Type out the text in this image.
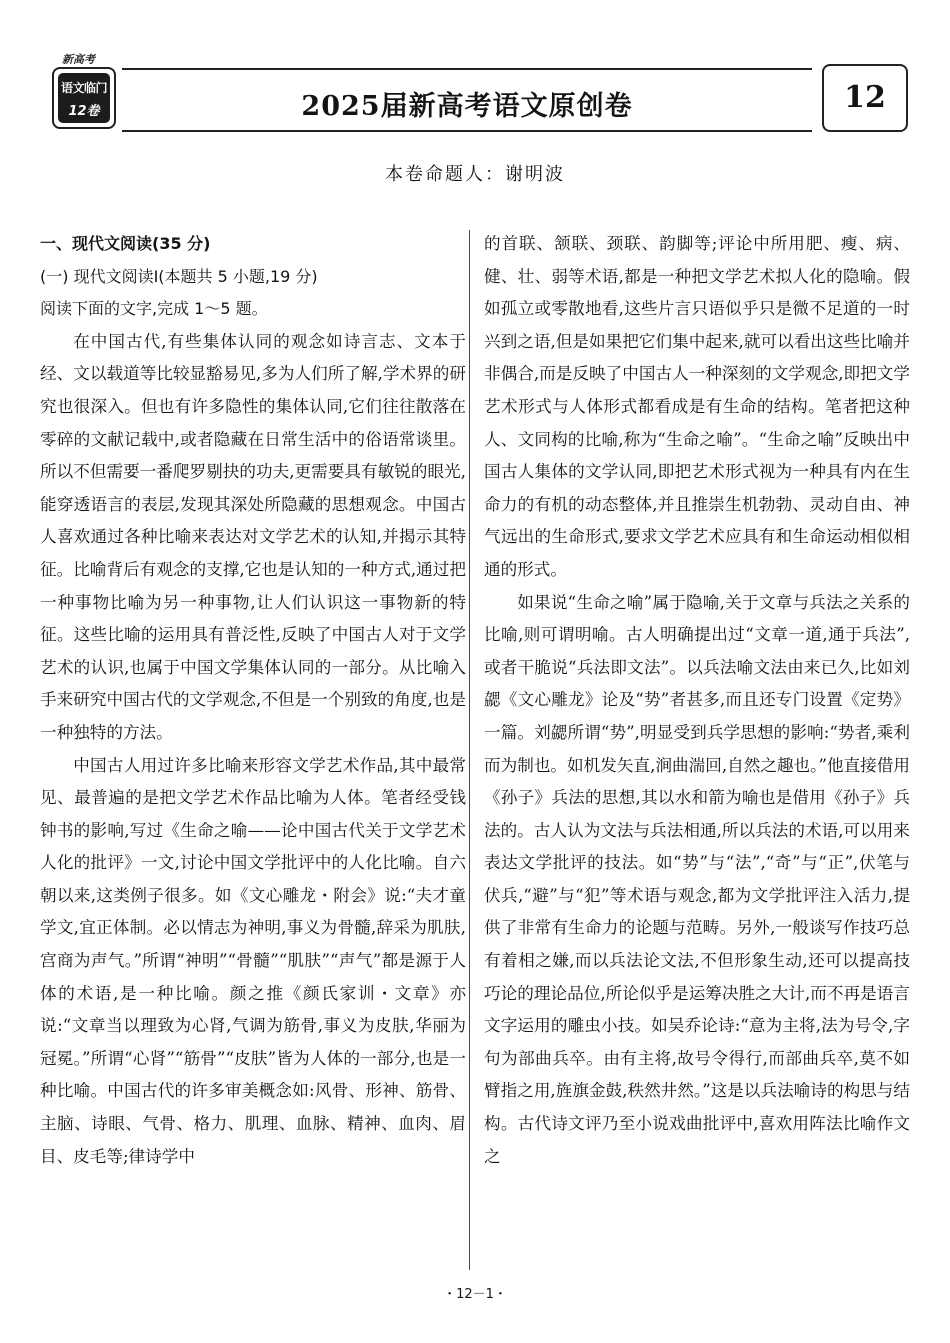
语文临门
12卷
新高考
2025届新高考语文原创卷	12
本卷命题人：谢明波

一、现代文阅读(35 分)

(一) 现代文阅读Ⅰ(本题共 5 小题,19 分)

阅读下面的文字,完成 1～5 题。

在中国古代,有些集体认同的观念如诗言志、文本于经、文以载道等比较显豁易见,多为人们所了解,学术界的研究也很深入。但也有许多隐性的集体认同,它们往往散落在零碎的文献记载中,或者隐藏在日常生活中的俗语常谈里。所以不但需要一番爬罗剔抉的功夫,更需要具有敏锐的眼光,能穿透语言的表层,发现其深处所隐藏的思想观念。中国古人喜欢通过各种比喻来表达对文学艺术的认知,并揭示其特征。比喻背后有观念的支撑,它也是认知的一种方式,通过把一种事物比喻为另一种事物,让人们认识这一事物新的特征。这些比喻的运用具有普泛性,反映了中国古人对于文学艺术的认识,也属于中国文学集体认同的一部分。从比喻入手来研究中国古代的文学观念,不但是一个别致的角度,也是一种独特的方法。

中国古人用过许多比喻来形容文学艺术作品,其中最常见、最普遍的是把文学艺术作品比喻为人体。笔者经受钱钟书的影响,写过《生命之喻——论中国古代关于文学艺术人化的批评》一文,讨论中国文学批评中的人化比喻。自六朝以来,这类例子很多。如《文心雕龙・附会》说:“夫才童学文,宜正体制。必以情志为神明,事义为骨髓,辞采为肌肤,宫商为声气。”所谓“神明”“骨髓”“肌肤”“声气”都是源于人体的术语,是一种比喻。颜之推《颜氏家训・文章》亦说:“文章当以理致为心肾,气调为筋骨,事义为皮肤,华丽为冠冕。”所谓“心肾”“筋骨”“皮肤”皆为人体的一部分,也是一种比喻。中国古代的许多审美概念如:风骨、形神、筋骨、主脑、诗眼、气骨、格力、肌理、血脉、精神、血肉、眉目、皮毛等;律诗学中

的首联、颔联、颈联、韵脚等;评论中所用肥、瘦、病、健、壮、弱等术语,都是一种把文学艺术拟人化的隐喻。假如孤立或零散地看,这些片言只语似乎只是微不足道的一时兴到之语,但是如果把它们集中起来,就可以看出这些比喻并非偶合,而是反映了中国古人一种深刻的文学观念,即把文学艺术形式与人体形式都看成是有生命的结构。笔者把这种人、文同构的比喻,称为“生命之喻”。“生命之喻”反映出中国古人集体的文学认同,即把艺术形式视为一种具有内在生命力的有机的动态整体,并且推崇生机勃勃、灵动自由、神气远出的生命形式,要求文学艺术应具有和生命运动相似相通的形式。

如果说“生命之喻”属于隐喻,关于文章与兵法之关系的比喻,则可谓明喻。古人明确提出过“文章一道,通于兵法”,或者干脆说“兵法即文法”。以兵法喻文法由来已久,比如刘勰《文心雕龙》论及“势”者甚多,而且还专门设置《定势》一篇。刘勰所谓“势”,明显受到兵学思想的影响:“势者,乘利而为制也。如机发矢直,涧曲湍回,自然之趣也。”他直接借用《孙子》兵法的思想,其以水和箭为喻也是借用《孙子》兵法的。古人认为文法与兵法相通,所以兵法的术语,可以用来表达文学批评的技法。如“势”与“法”,“奇”与“正”,伏笔与伏兵,“避”与“犯”等术语与观念,都为文学批评注入活力,提供了非常有生命力的论题与范畴。另外,一般谈写作技巧总有着相之嫌,而以兵法论文法,不但形象生动,还可以提高技巧论的理论品位,所论似乎是运筹决胜之大计,而不再是语言文字运用的雕虫小技。如吴乔论诗:“意为主将,法为号令,字句为部曲兵卒。由有主将,故号令得行,而部曲兵卒,莫不如臂指之用,旌旗金鼓,秩然井然。”这是以兵法喻诗的构思与结构。古代诗文评乃至小说戏曲批评中,喜欢用阵法比喻作文之

・12－1・
